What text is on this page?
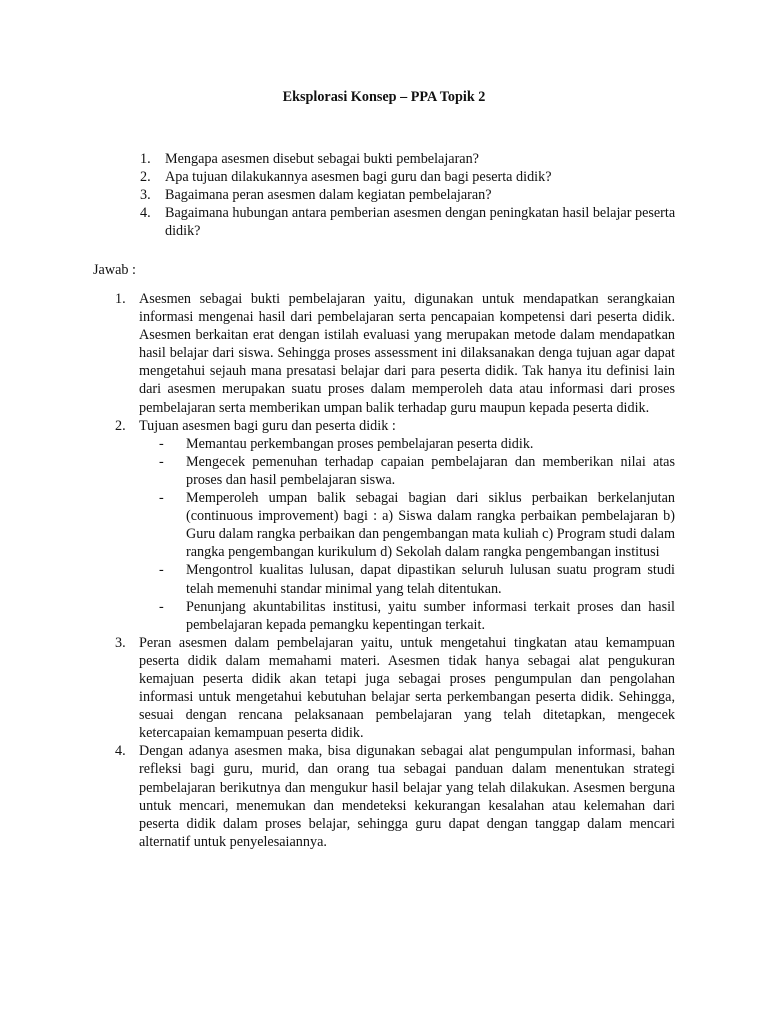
Eksplorasi Konsep – PPA Topik 2
1. Mengapa asesmen disebut sebagai bukti pembelajaran?
2. Apa tujuan dilakukannya asesmen bagi guru dan bagi peserta didik?
3. Bagaimana peran asesmen dalam kegiatan pembelajaran?
4. Bagaimana hubungan antara pemberian asesmen dengan peningkatan hasil belajar peserta didik?
Jawab :
1. Asesmen sebagai bukti pembelajaran yaitu, digunakan untuk mendapatkan serangkaian informasi mengenai hasil dari pembelajaran serta pencapaian kompetensi dari peserta didik. Asesmen berkaitan erat dengan istilah evaluasi yang merupakan metode dalam mendapatkan hasil belajar dari siswa. Sehingga proses assessment ini dilaksanakan denga tujuan agar dapat mengetahui sejauh mana presatasi belajar dari para peserta didik. Tak hanya itu definisi lain dari asesmen merupakan suatu proses dalam memperoleh data atau informasi dari proses pembelajaran serta memberikan umpan balik terhadap guru maupun kepada peserta didik.
2. Tujuan asesmen bagi guru dan peserta didik :
- Memantau perkembangan proses pembelajaran peserta didik.
- Mengecek pemenuhan terhadap capaian pembelajaran dan memberikan nilai atas proses dan hasil pembelajaran siswa.
- Memperoleh umpan balik sebagai bagian dari siklus perbaikan berkelanjutan (continuous improvement) bagi : a) Siswa dalam rangka perbaikan pembelajaran b) Guru dalam rangka perbaikan dan pengembangan mata kuliah c) Program studi dalam rangka pengembangan kurikulum d) Sekolah dalam rangka pengembangan institusi
- Mengontrol kualitas lulusan, dapat dipastikan seluruh lulusan suatu program studi telah memenuhi standar minimal yang telah ditentukan.
- Penunjang akuntabilitas institusi, yaitu sumber informasi terkait proses dan hasil pembelajaran kepada pemangku kepentingan terkait.
3. Peran asesmen dalam pembelajaran yaitu, untuk mengetahui tingkatan atau kemampuan peserta didik dalam memahami materi. Asesmen tidak hanya sebagai alat pengukuran kemajuan peserta didik akan tetapi juga sebagai proses pengumpulan dan pengolahan informasi untuk mengetahui kebutuhan belajar serta perkembangan peserta didik. Sehingga, sesuai dengan rencana pelaksanaan pembelajaran yang telah ditetapkan, mengecek ketercapaian kemampuan peserta didik.
4. Dengan adanya asesmen maka, bisa digunakan sebagai alat pengumpulan informasi, bahan refleksi bagi guru, murid, dan orang tua sebagai panduan dalam menentukan strategi pembelajaran berikutnya dan mengukur hasil belajar yang telah dilakukan. Asesmen berguna untuk mencari, menemukan dan mendeteksi kekurangan kesalahan atau kelemahan dari peserta didik dalam proses belajar, sehingga guru dapat dengan tanggap dalam mencari alternatif untuk penyelesaiannya.
